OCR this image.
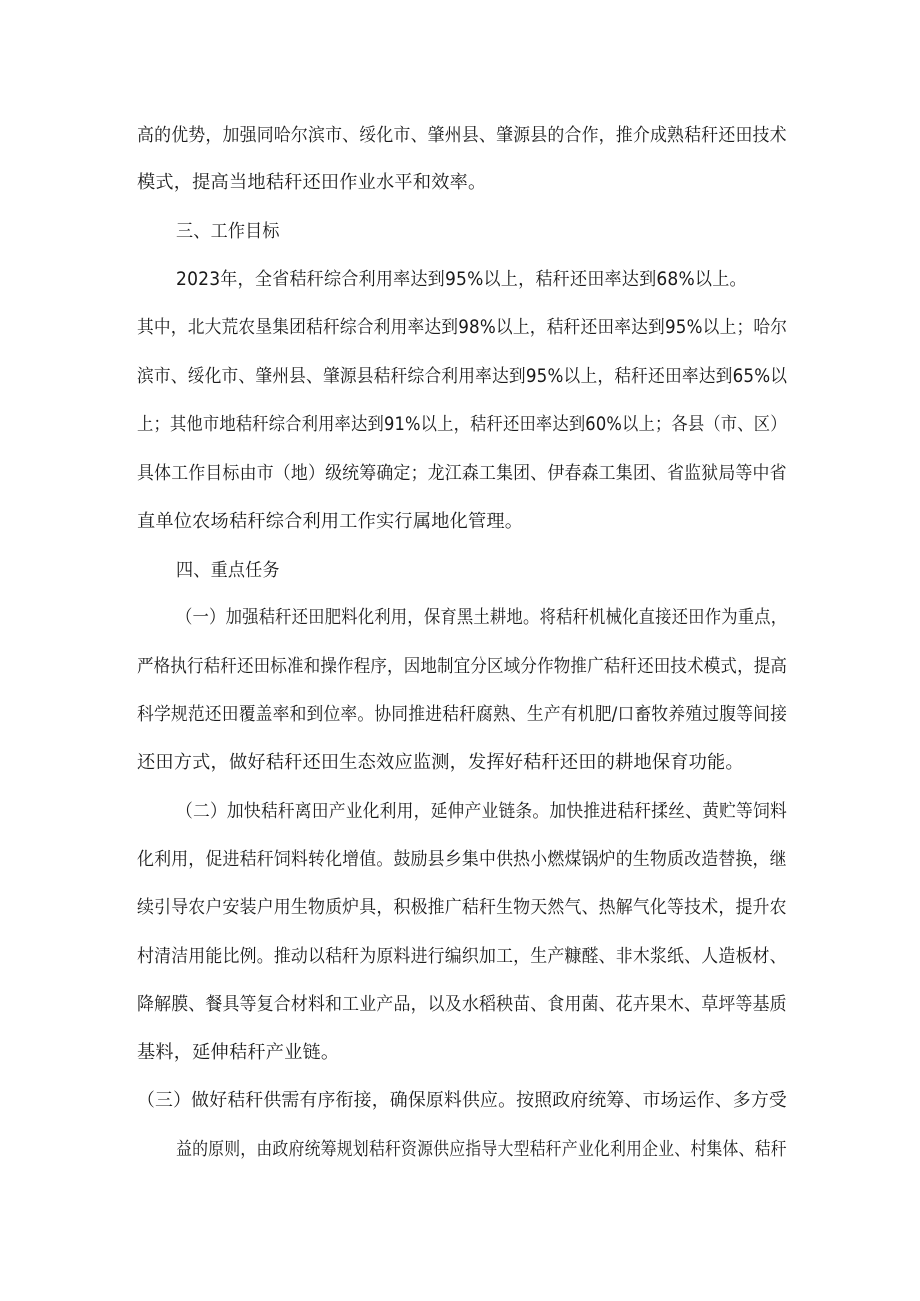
高的优势，加强同哈尔滨市、绥化市、肇州县、肇源县的合作，推介成熟秸秆还田技术
模式，提高当地秸秆还田作业水平和效率。
三、工作目标
2023年，全省秸秆综合利用率达到95%以上，秸秆还田率达到68%以上。
其中，北大荒农垦集团秸秆综合利用率达到98%以上，秸秆还田率达到95%以上；哈尔
滨市、绥化市、肇州县、肇源县秸秆综合利用率达到95%以上，秸秆还田率达到65%以
上；其他市地秸秆综合利用率达到91%以上，秸秆还田率达到60%以上；各县（市、区）
具体工作目标由市（地）级统筹确定；龙江森工集团、伊春森工集团、省监狱局等中省
直单位农场秸秆综合利用工作实行属地化管理。
四、重点任务
（一）加强秸秆还田肥料化利用，保育黑土耕地。将秸秆机械化直接还田作为重点，
严格执行秸秆还田标准和操作程序，因地制宜分区域分作物推广秸秆还田技术模式，提高
科学规范还田覆盖率和到位率。协同推进秸秆腐熟、生产有机肥/口畜牧养殖过腹等间接
还田方式，做好秸秆还田生态效应监测，发挥好秸秆还田的耕地保育功能。
（二）加快秸秆离田产业化利用，延伸产业链条。加快推进秸秆揉丝、黄贮等饲料
化利用，促进秸秆饲料转化增值。鼓励县乡集中供热小燃煤锅炉的生物质改造替换，继
续引导农户安装户用生物质炉具，积极推广秸秆生物天然气、热解气化等技术，提升农
村清洁用能比例。推动以秸秆为原料进行编织加工，生产糠醛、非木浆纸、人造板材、
降解膜、餐具等复合材料和工业产品，以及水稻秧苗、食用菌、花卉果木、草坪等基质
基料，延伸秸秆产业链。
（三）做好秸秆供需有序衔接，确保原料供应。按照政府统筹、市场运作、多方受
益的原则，由政府统筹规划秸秆资源供应指导大型秸秆产业化利用企业、村集体、秸秆
